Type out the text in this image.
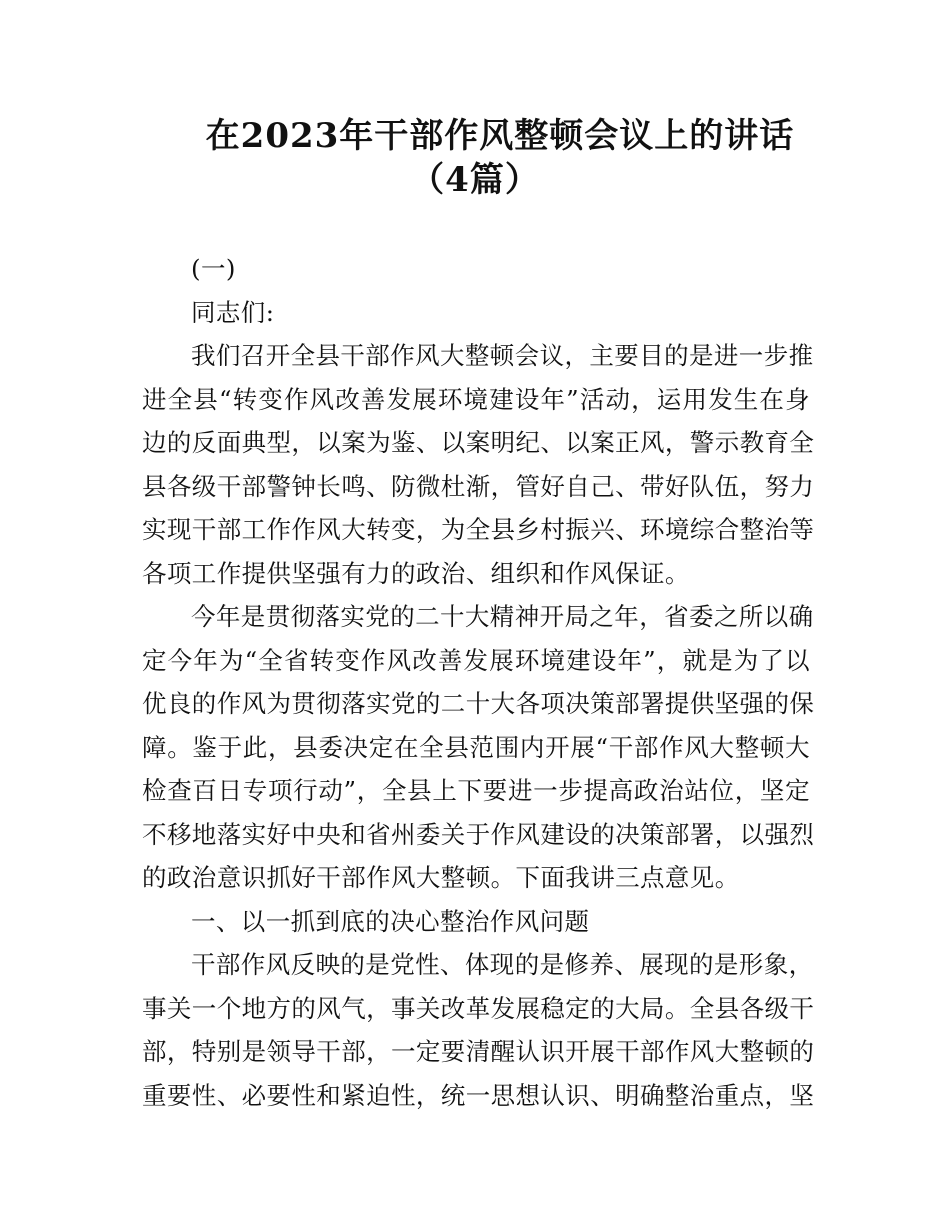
在2023年干部作风整顿会议上的讲话
（4篇）
(一)
同志们:
我们召开全县干部作风大整顿会议，主要目的是进一步推
进全县“转变作风改善发展环境建设年”活动，运用发生在身
边的反面典型，以案为鉴、以案明纪、以案正风，警示教育全
县各级干部警钟长鸣、防微杜渐，管好自己、带好队伍，努力
实现干部工作作风大转变，为全县乡村振兴、环境综合整治等
各项工作提供坚强有力的政治、组织和作风保证。
今年是贯彻落实党的二十大精神开局之年，省委之所以确
定今年为“全省转变作风改善发展环境建设年”，就是为了以
优良的作风为贯彻落实党的二十大各项决策部署提供坚强的保
障。鉴于此，县委决定在全县范围内开展“干部作风大整顿大
检查百日专项行动”，全县上下要进一步提高政治站位，坚定
不移地落实好中央和省州委关于作风建设的决策部署，以强烈
的政治意识抓好干部作风大整顿。下面我讲三点意见。
一、以一抓到底的决心整治作风问题
干部作风反映的是党性、体现的是修养、展现的是形象，
事关一个地方的风气，事关改革发展稳定的大局。全县各级干
部，特别是领导干部，一定要清醒认识开展干部作风大整顿的
重要性、必要性和紧迫性，统一思想认识、明确整治重点，坚
